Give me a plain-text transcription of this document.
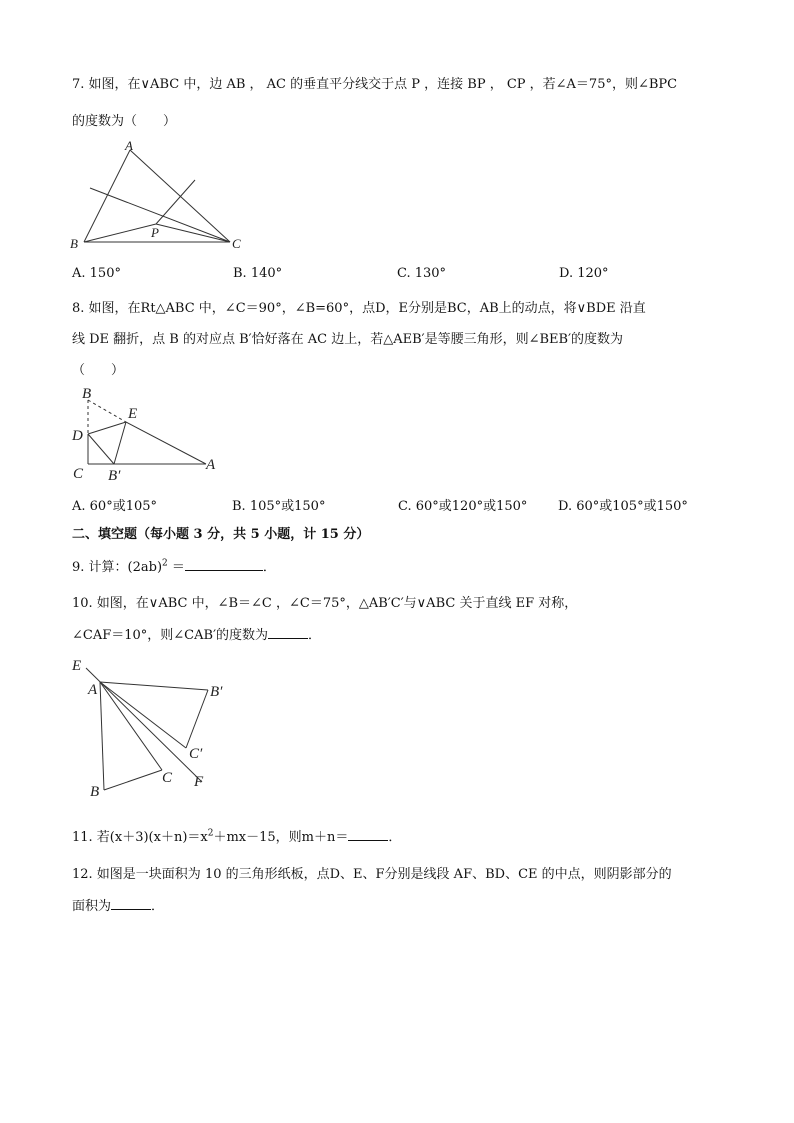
7. 如图，在∨ABC 中，边 AB ， AC 的垂直平分线交于点 P ，连接 BP ， CP ，若∠A＝75°，则∠BPC
的度数为（　　）
A
B	C
P
A. 150°	B. 140°	C. 130°	D. 120°
8. 如图，在Rt△ABC 中，∠C＝90°，∠B=60°，点D，E分别是BC，AB上的动点，将∨BDE 沿直
线 DE 翻折，点 B 的对应点 B′恰好落在 AC 边上，若△AEB′是等腰三角形，则∠BEB′的度数为
（　　）
B
E
D
C B′
A
A. 60°或105°	B. 105°或150°	C. 60°或120°或150° D. 60°或105°或150°
二、填空题（每小题 3 分，共 5 小题，计 15 分）
9. 计算：$(2ab)^2$ ＝	．
10. 如图，在∨ABC 中，∠B＝∠C ，∠C＝75°，△AB′C′与∨ABC 关于直线 EF 对称，
∠CAF＝10°，则∠CAB′的度数为	．
E
A	B′
C′
C F
B
11. 若$(x+3)(x+n)=x^2+mx-15$，则m＋n＝	．
12. 如图是一块面积为 10 的三角形纸板，点D、E、F分别是线段 AF、BD、CE 的中点，则阴影部分的
面积为	．
